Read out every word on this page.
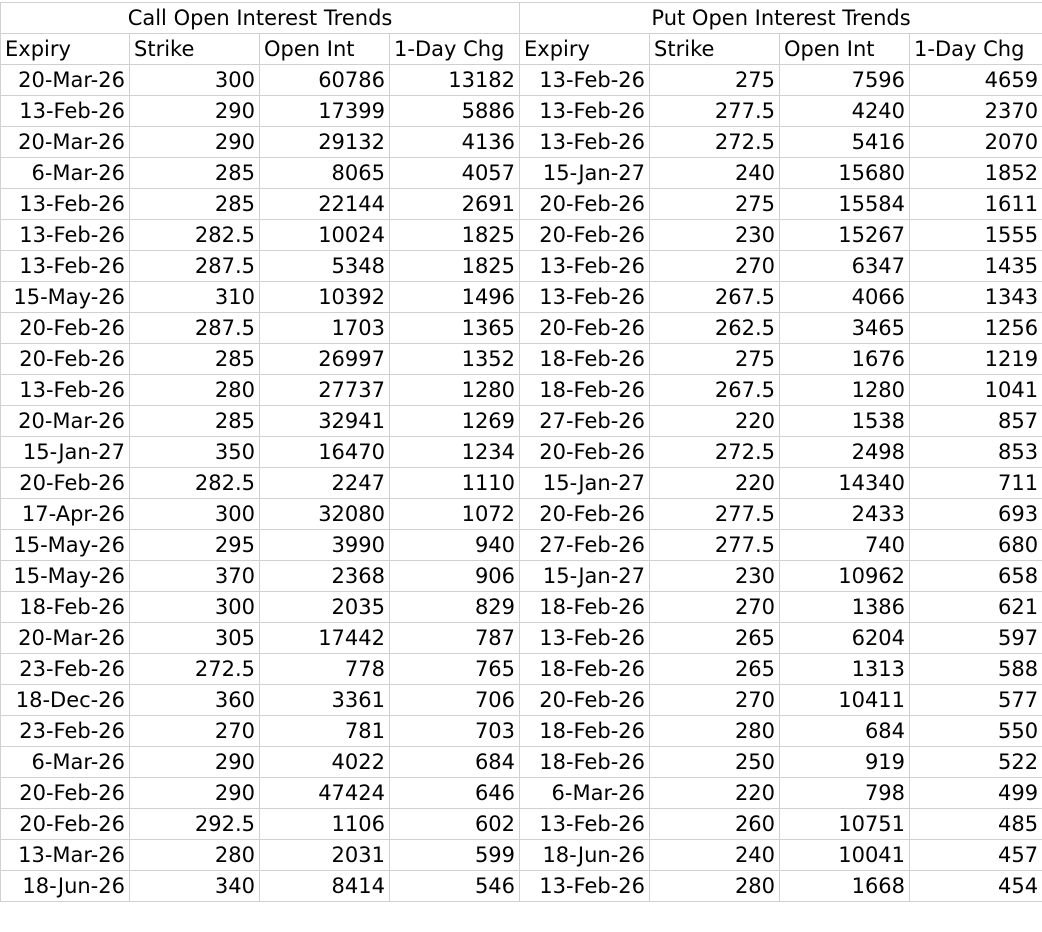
Call Open Interest Trends				Put Open Interest Trends			
Expiry	Strike	Open Int	1-Day Chg	Expiry	Strike	Open Int	1-Day Chg
20-Mar-26	300	60786	13182	13-Feb-26	275	7596	4659
13-Feb-26	290	17399	5886	13-Feb-26	277.5	4240	2370
20-Mar-26	290	29132	4136	13-Feb-26	272.5	5416	2070
6-Mar-26	285	8065	4057	15-Jan-27	240	15680	1852
13-Feb-26	285	22144	2691	20-Feb-26	275	15584	1611
13-Feb-26	282.5	10024	1825	20-Feb-26	230	15267	1555
13-Feb-26	287.5	5348	1825	13-Feb-26	270	6347	1435
15-May-26	310	10392	1496	13-Feb-26	267.5	4066	1343
20-Feb-26	287.5	1703	1365	20-Feb-26	262.5	3465	1256
20-Feb-26	285	26997	1352	18-Feb-26	275	1676	1219
13-Feb-26	280	27737	1280	18-Feb-26	267.5	1280	1041
20-Mar-26	285	32941	1269	27-Feb-26	220	1538	857
15-Jan-27	350	16470	1234	20-Feb-26	272.5	2498	853
20-Feb-26	282.5	2247	1110	15-Jan-27	220	14340	711
17-Apr-26	300	32080	1072	20-Feb-26	277.5	2433	693
15-May-26	295	3990	940	27-Feb-26	277.5	740	680
15-May-26	370	2368	906	15-Jan-27	230	10962	658
18-Feb-26	300	2035	829	18-Feb-26	270	1386	621
20-Mar-26	305	17442	787	13-Feb-26	265	6204	597
23-Feb-26	272.5	778	765	18-Feb-26	265	1313	588
18-Dec-26	360	3361	706	20-Feb-26	270	10411	577
23-Feb-26	270	781	703	18-Feb-26	280	684	550
6-Mar-26	290	4022	684	18-Feb-26	250	919	522
20-Feb-26	290	47424	646	6-Mar-26	220	798	499
20-Feb-26	292.5	1106	602	13-Feb-26	260	10751	485
13-Mar-26	280	2031	599	18-Jun-26	240	10041	457
18-Jun-26	340	8414	546	13-Feb-26	280	1668	454
